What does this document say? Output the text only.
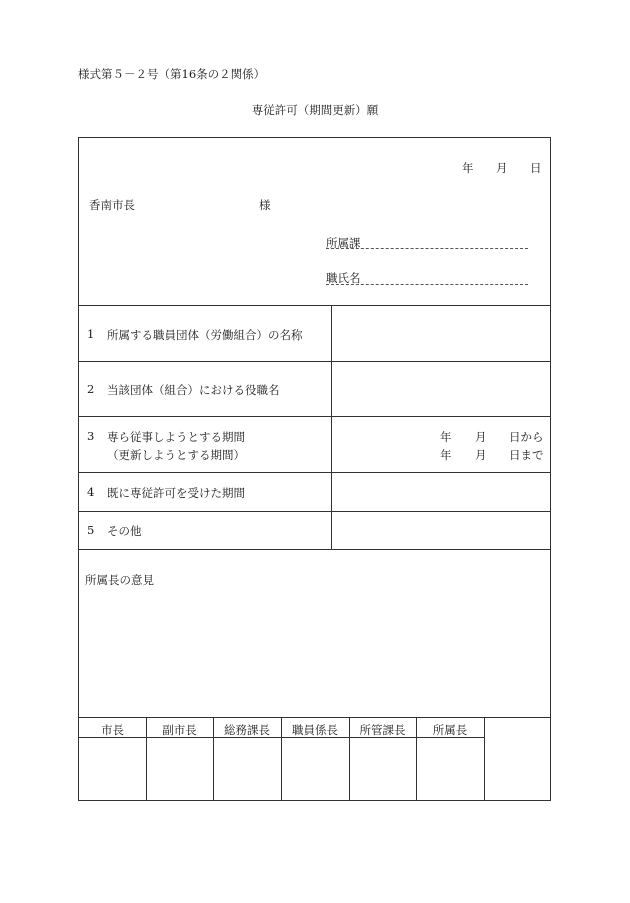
様式第５－２号（第16条の２関係）
専従許可（期間更新）願
年 月 日
香南市長	様
所属課
職氏名
1 所属する職員団体（労働組合）の名称
2 当該団体（組合）における役職名
3 専ら従事しようとする期間
（更新しようとする期間）
年 月 日から
年 月 日まで
4 既に専従許可を受けた期間
5 その他
所属長の意見
市長	副市長	総務課長	職員係長	所管課長	所属長
